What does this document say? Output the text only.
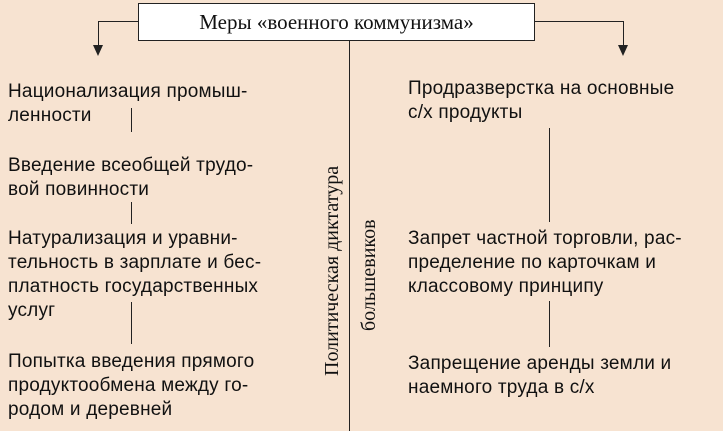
Меры «военного коммунизма»
Национализация промыш-
ленности
Введение всеобщей трудо-
вой повинности
Натурализация и уравни-
тельность в зарплате и бес-
платность государственных
услуг
Попытка введения прямого
продуктообмена между го-
родом и деревней
Политическая диктатура большевиков
Продразверстка на основные
с/х продукты
Запрет частной торговли, рас-
пределение по карточкам и
классовому принципу
Запрещение аренды земли и
наемного труда в с/х
